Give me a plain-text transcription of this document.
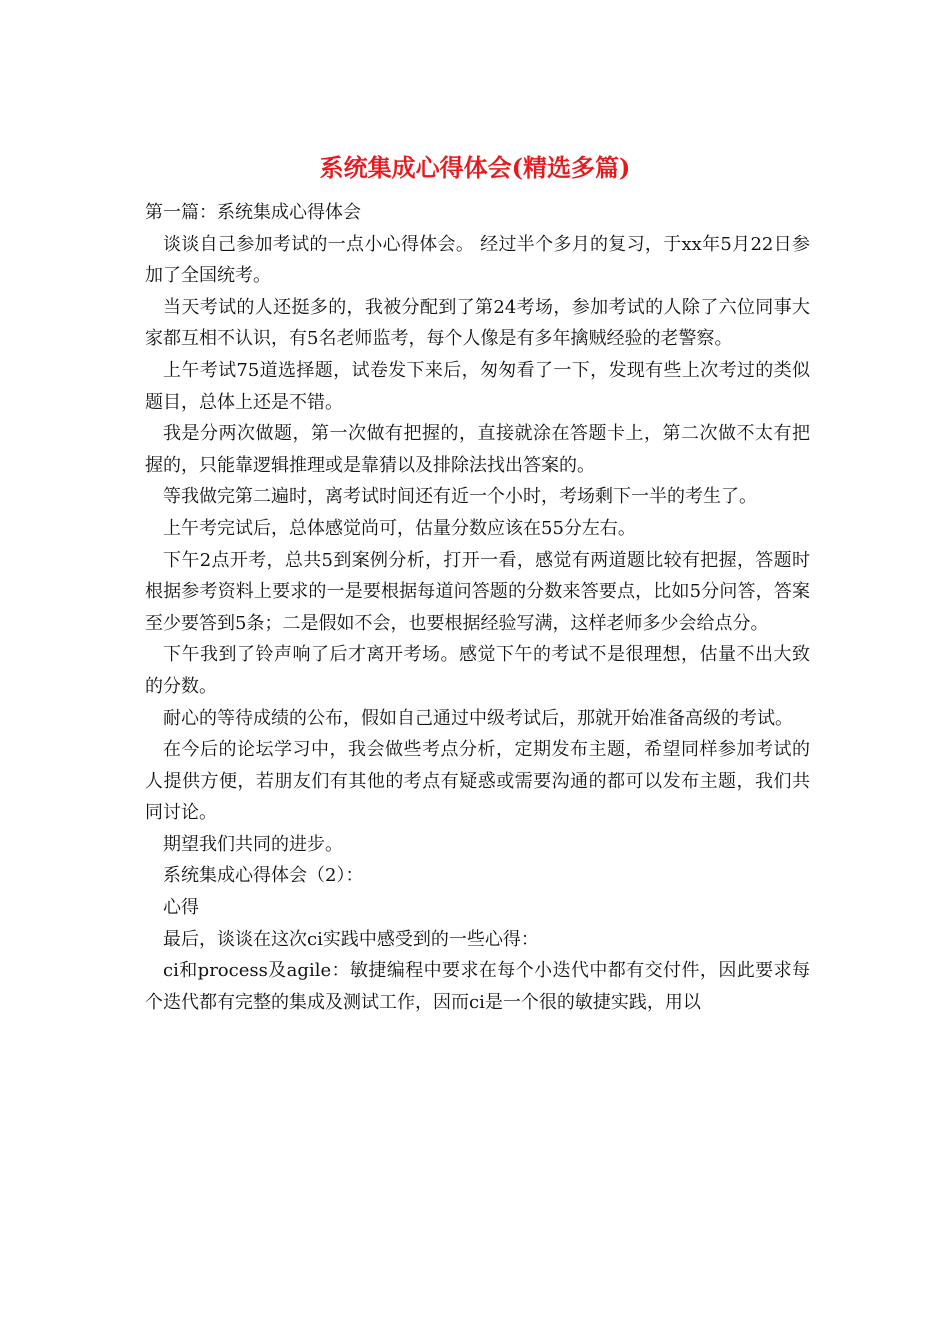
系统集成心得体会(精选多篇)

第一篇：系统集成心得体会

谈谈自己参加考试的一点小心得体会。 经过半个多月的复习，于xx年5月22日参加了全国统考。

当天考试的人还挺多的，我被分配到了第24考场，参加考试的人除了六位同事大家都互相不认识，有5名老师监考，每个人像是有多年擒贼经验的老警察。

上午考试75道选择题，试卷发下来后，匆匆看了一下，发现有些上次考过的类似题目，总体上还是不错。

我是分两次做题，第一次做有把握的，直接就涂在答题卡上，第二次做不太有把握的，只能靠逻辑推理或是靠猜以及排除法找出答案的。

等我做完第二遍时，离考试时间还有近一个小时，考场剩下一半的考生了。

上午考完试后，总体感觉尚可，估量分数应该在55分左右。

下午2点开考，总共5到案例分析，打开一看，感觉有两道题比较有把握，答题时根据参考资料上要求的一是要根据每道问答题的分数来答要点，比如5分问答，答案至少要答到5条；二是假如不会，也要根据经验写满，这样老师多少会给点分。

下午我到了铃声响了后才离开考场。感觉下午的考试不是很理想，估量不出大致的分数。

耐心的等待成绩的公布，假如自己通过中级考试后，那就开始准备高级的考试。

在今后的论坛学习中，我会做些考点分析，定期发布主题，希望同样参加考试的人提供方便，若朋友们有其他的考点有疑惑或需要沟通的都可以发布主题，我们共同讨论。

期望我们共同的进步。

系统集成心得体会（2）：

心得

最后，谈谈在这次ci实践中感受到的一些心得：

ci和process及agile：敏捷编程中要求在每个小迭代中都有交付件，因此要求每个迭代都有完整的集成及测试工作，因而ci是一个很的敏捷实践，用以
